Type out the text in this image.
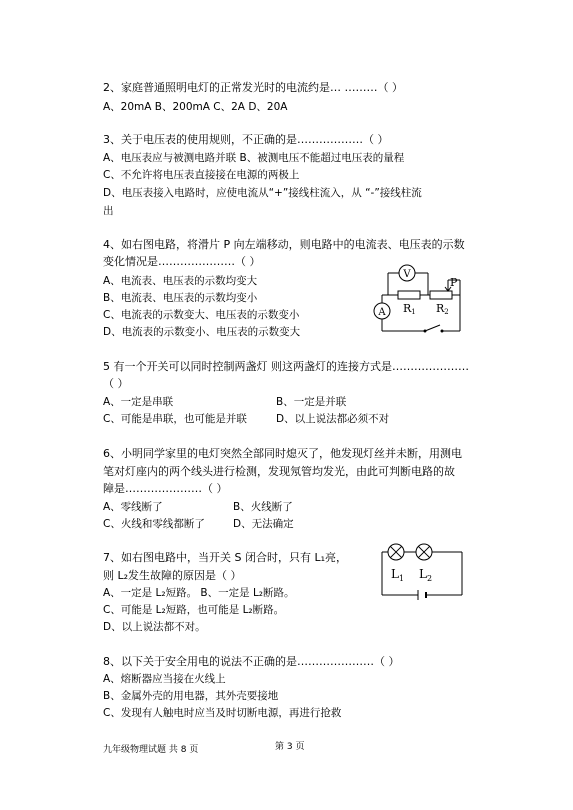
2、家庭普通照明电灯的正常发光时的电流约是… ………（ ）
A、20mA B、200mA C、2A D、20A
3、关于电压表的使用规则，不正确的是………………（ ）
A、电压表应与被测电路并联 B、被测电压不能超过电压表的量程
C、不允许将电压表直接接在电源的两极上
D、电压表接入电路时，应使电流从“+”接线柱流入，从 “-”接线柱流
出
4、如右图电路，将滑片 P 向左端移动，则电路中的电流表、电压表的示数
变化情况是…………………（ ）
A、电流表、电压表的示数均变大
B、电流表、电压表的示数均变小
C、电流表的示数变大、电压表的示数变小
D、电流表的示数变小、电压表的示数变大
V
A
P
R1 R2
5 有一个开关可以同时控制两盏灯 则这两盏灯的连接方式是…………………
（ ）
A、一定是串联	B、一定是并联
C、可能是串联，也可能是并联	D、以上说法都必须不对
6、小明同学家里的电灯突然全部同时熄灭了，他发现灯丝并未断，用测电
笔对灯座内的两个线头进行检测，发现氖管均发光，由此可判断电路的故
障是…………………（ ）
A、零线断了	B、火线断了
C、火线和零线都断了	D、无法确定
7、如右图电路中，当开关 S 闭合时，只有 L₁亮，
则 L₂发生故障的原因是（ ）
A、一定是 L₂短路。 B、一定是 L₂断路。
C、可能是 L₂短路，也可能是 L₂断路。
D、以上说法都不对。
$L_1$ $L_2$
8、以下关于安全用电的说法不正确的是…………………（ ）
A、熔断器应当接在火线上
B、金属外壳的用电器，其外壳要接地
C、发现有人触电时应当及时切断电源，再进行抢救
九年级物理试题 共 8 页	第 3 页
